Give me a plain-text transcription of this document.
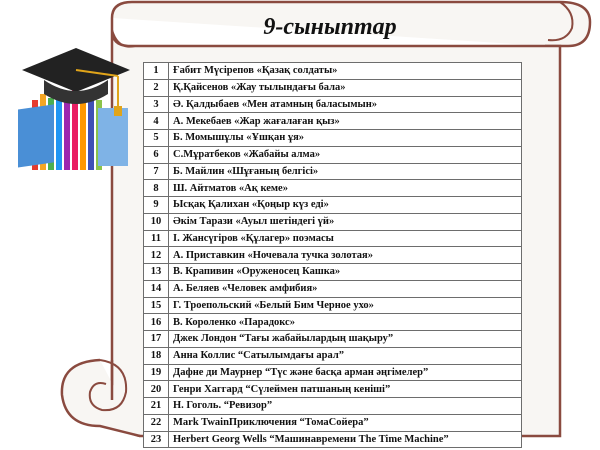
9-сыныптар
1	Ғабит Мүсірепов «Қазақ солдаты»
2	Қ.Қайсенов «Жау тылындағы бала»
3	Ә. Қалдыбаев «Мен атамның баласымын»
4	А. Мекебаев «Жар жағалаған қыз»
5	Б. Момышұлы «Ұшқан ұя»
6	С.Мұратбеков «Жабайы алма»
7	Б. Майлин «Шұғаның белгісі»
8	Ш. Айтматов «Ақ кеме»
9	Ысқақ Қалихан «Қоңыр күз еді»
10	Әкім Тарази «Ауыл шетіндегі үй»
11	І. Жансүгіров «Құлагер» поэмасы
12	А. Приставкин «Ночевала тучка золотая»
13	В. Крапивин «Оруженосец Кашка»
14	А. Беляев «Человек амфибия»
15	Г. Троепольский «Белый Бим Черное ухо»
16	В. Короленко «Парадокс»
17	Джек Лондон “Тағы жабайылардың шақыру”
18	Анна Коллис “Сатылымдағы арал”
19	Дафне ди Маурнер “Түс және басқа арман әңгімелер”
20	Генри Хаггард “Сүлеймен патшаның кеніші”
21	Н. Гоголь. “Ревизор”
22	Mark TwainПриключения “ТомаСойера”
23	Herbert Georg Wells “Машинавремени The Time Machine”
